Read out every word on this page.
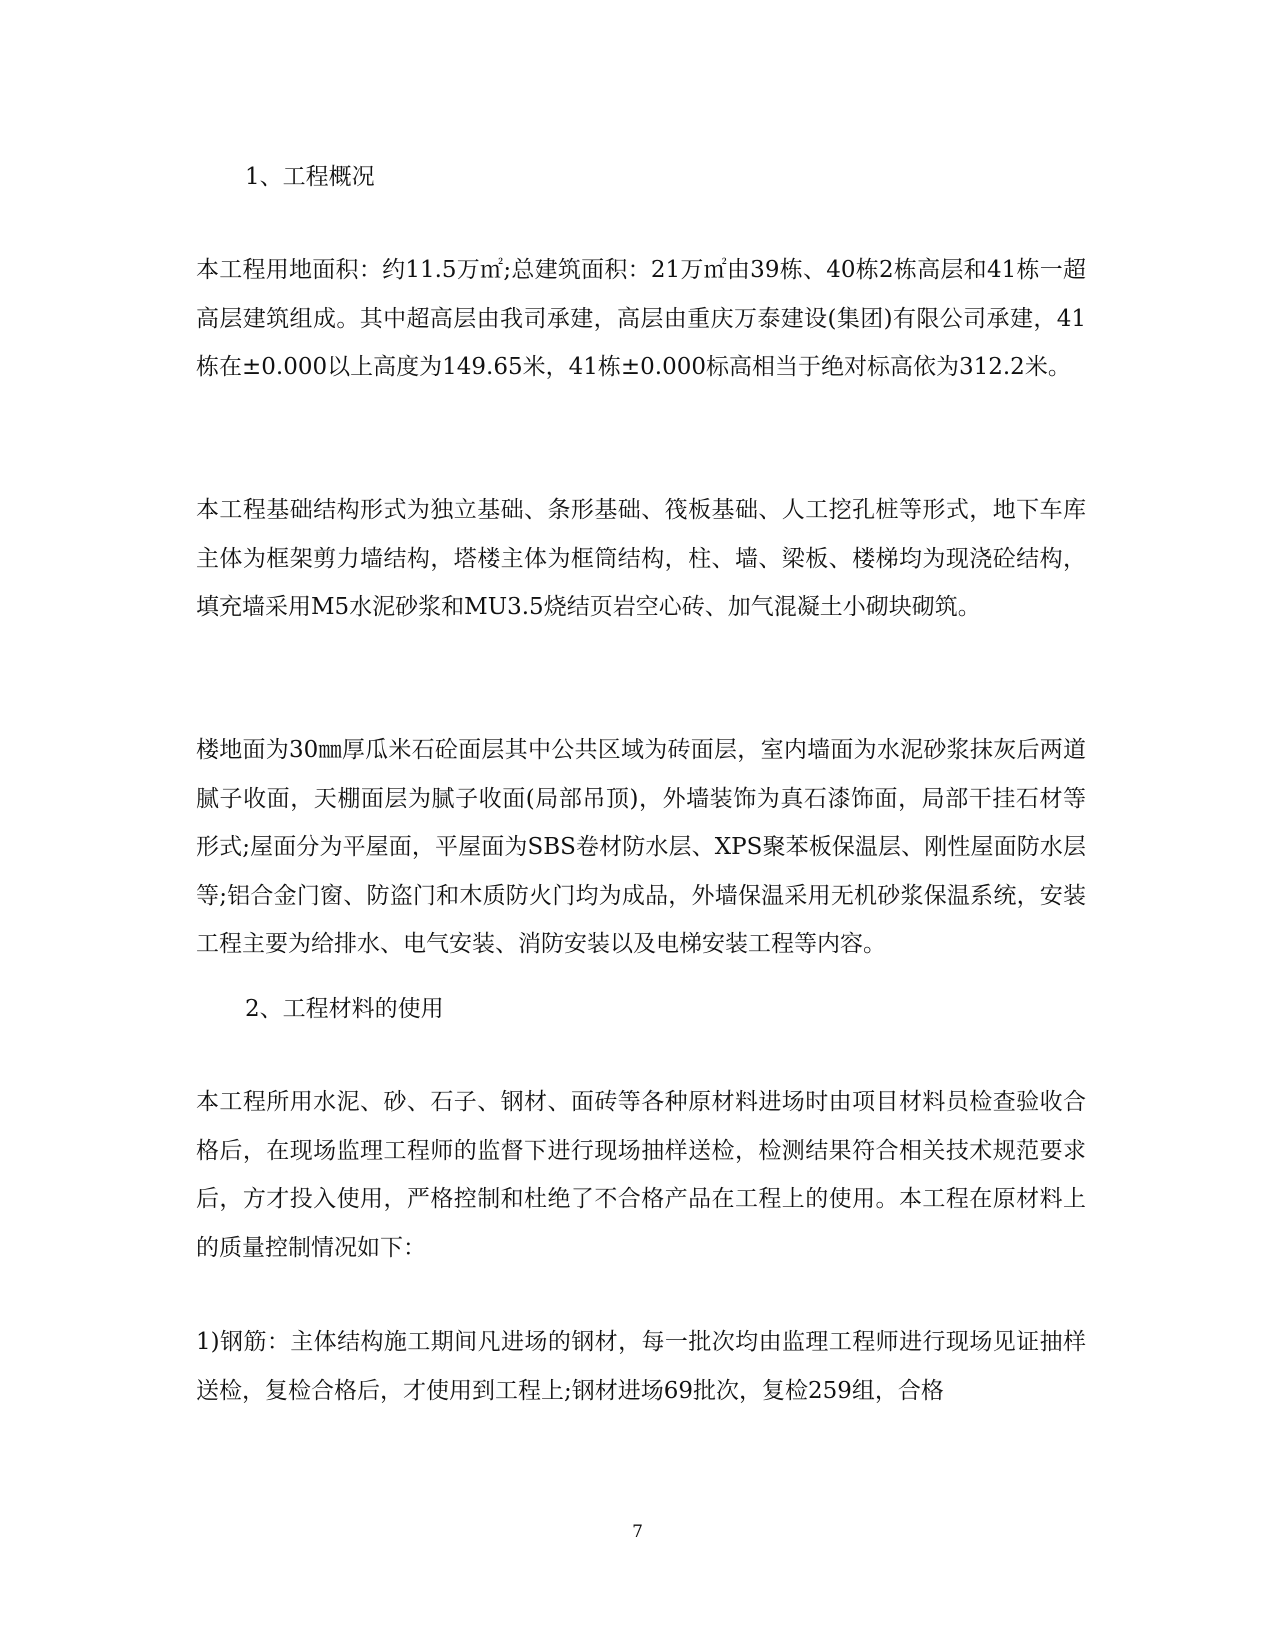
1、工程概况

本工程用地面积：约11.5万㎡;总建筑面积：21万㎡由39栋、40栋2栋高层和41栋一超高层建筑组成。其中超高层由我司承建，高层由重庆万泰建设(集团)有限公司承建，41栋在±0.000以上高度为149.65米，41栋±0.000标高相当于绝对标高依为312.2米。

本工程基础结构形式为独立基础、条形基础、筏板基础、人工挖孔桩等形式，地下车库主体为框架剪力墙结构，塔楼主体为框筒结构，柱、墙、梁板、楼梯均为现浇砼结构，填充墙采用M5水泥砂浆和MU3.5烧结页岩空心砖、加气混凝土小砌块砌筑。

楼地面为30㎜厚瓜米石砼面层其中公共区域为砖面层，室内墙面为水泥砂浆抹灰后两道腻子收面，天棚面层为腻子收面(局部吊顶)，外墙装饰为真石漆饰面，局部干挂石材等形式;屋面分为平屋面，平屋面为SBS卷材防水层、XPS聚苯板保温层、刚性屋面防水层等;铝合金门窗、防盗门和木质防火门均为成品，外墙保温采用无机砂浆保温系统，安装工程主要为给排水、电气安装、消防安装以及电梯安装工程等内容。

2、工程材料的使用

本工程所用水泥、砂、石子、钢材、面砖等各种原材料进场时由项目材料员检查验收合格后，在现场监理工程师的监督下进行现场抽样送检，检测结果符合相关技术规范要求后，方才投入使用，严格控制和杜绝了不合格产品在工程上的使用。本工程在原材料上的质量控制情况如下：

1)钢筋：主体结构施工期间凡进场的钢材，每一批次均由监理工程师进行现场见证抽样送检，复检合格后，才使用到工程上;钢材进场69批次，复检259组，合格

7
